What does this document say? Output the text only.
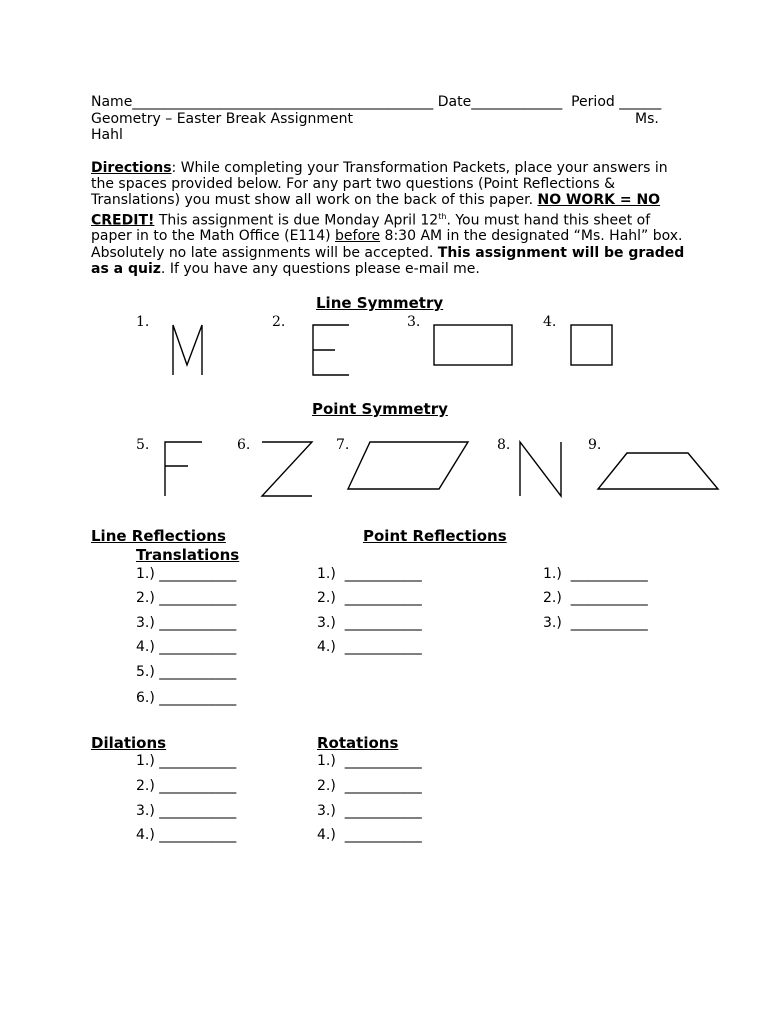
Name___________________________________________ Date_____________  Period ______
Geometry – Easter Break Assignment	Ms.
Hahl
Directions: While completing your Transformation Packets, place your answers in the spaces provided below. For any part two questions (Point Reflections & Translations) you must show all work on the back of this paper. NO WORK = NO CREDIT! This assignment is due Monday April 12th. You must hand this sheet of paper in to the Math Office (E114) before 8:30 AM in the designated “Ms. Hahl” box. Absolutely no late assignments will be accepted. This assignment will be graded as a quiz. If you have any questions please e-mail me.
Line Symmetry
1.	2.	3.	4.
Point Symmetry
5.	6.	7.	8.	9.
Line Reflections	Point Reflections
Translations
1.) ___________
2.) ___________
3.) ___________
4.) ___________
5.) ___________
6.) ___________
1.)  ___________
2.)  ___________
3.)  ___________
4.)  ___________
1.)  ___________
2.)  ___________
3.)  ___________
Dilations
1.) ___________
2.) ___________
3.) ___________
4.) ___________
Rotations
1.)  ___________
2.)  ___________
3.)  ___________
4.)  ___________
